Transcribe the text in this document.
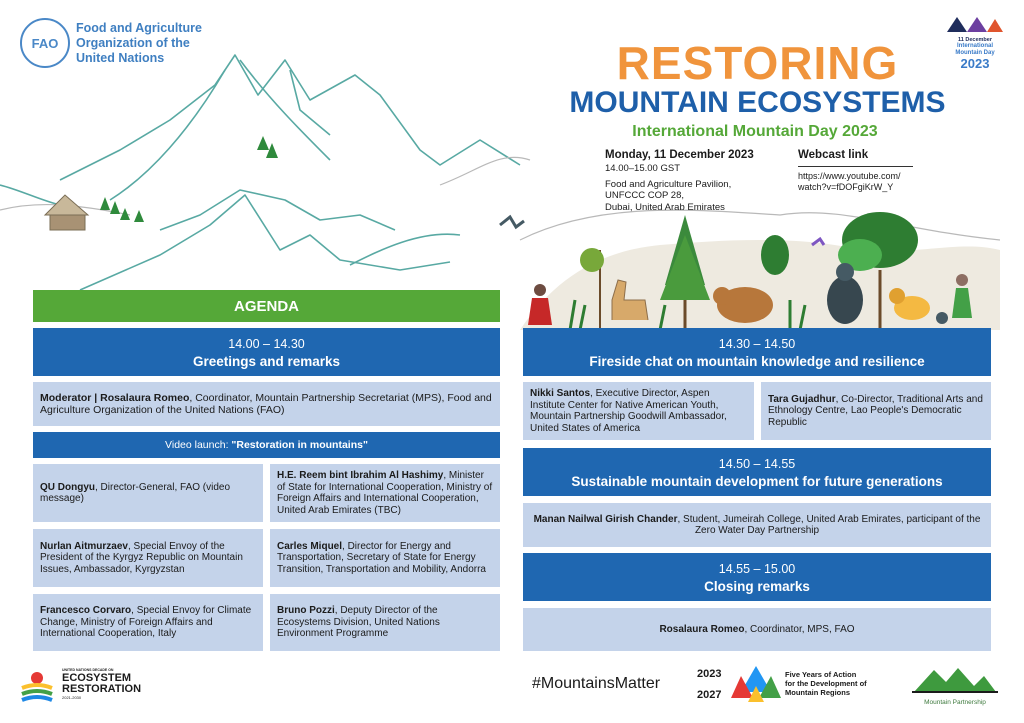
FAO
Food and Agriculture
Organization of the
United Nations
11 December
International
Mountain Day
2023
RESTORING
MOUNTAIN ECOSYSTEMS
International Mountain Day 2023
Monday, 11 December 2023
14.00–15.00 GST
Food and Agriculture Pavilion,
UNFCCC COP 28,
Dubai, United Arab Emirates
Webcast link
https://www.youtube.com/
watch?v=fDOFgiKrW_Y
AGENDA
14.00 – 14.30
Greetings and remarks
Moderator | Rosalaura Romeo, Coordinator, Mountain Partnership Secretariat (MPS), Food and Agriculture Organization of the United Nations (FAO)
Video launch: "Restoration in mountains"
QU Dongyu, Director-General, FAO (video message)
H.E. Reem bint Ibrahim Al Hashimy, Minister of State for International Cooperation, Ministry of Foreign Affairs and International Cooperation, United Arab Emirates (TBC)
Nurlan Aitmurzaev, Special Envoy of the President of the Kyrgyz Republic on Mountain Issues, Ambassador, Kyrgyzstan
Carles Miquel, Director for Energy and Transportation, Secretary of State for Energy Transition, Transportation and Mobility, Andorra
Francesco Corvaro, Special Envoy for Climate Change, Ministry of Foreign Affairs and International Cooperation, Italy
Bruno Pozzi, Deputy Director of the Ecosystems Division, United Nations Environment Programme
14.30 – 14.50
Fireside chat on mountain knowledge and resilience
Nikki Santos, Executive Director, Aspen Institute Center for Native American Youth, Mountain Partnership Goodwill Ambassador, United States of America
Tara Gujadhur, Co-Director, Traditional Arts and Ethnology Centre, Lao People's Democratic Republic
14.50 – 14.55
Sustainable mountain development for future generations
Manan Nailwal Girish Chander, Student, Jumeirah College, United Arab Emirates, participant of the Zero Water Day Partnership
14.55 – 15.00
Closing remarks
Rosalaura Romeo, Coordinator, MPS, FAO
UNITED NATIONS DECADE ON
ECOSYSTEM
RESTORATION
2021-2030
#MountainsMatter
2023
2027
Five Years of Action
for the Development of
Mountain Regions
Mountain Partnership
